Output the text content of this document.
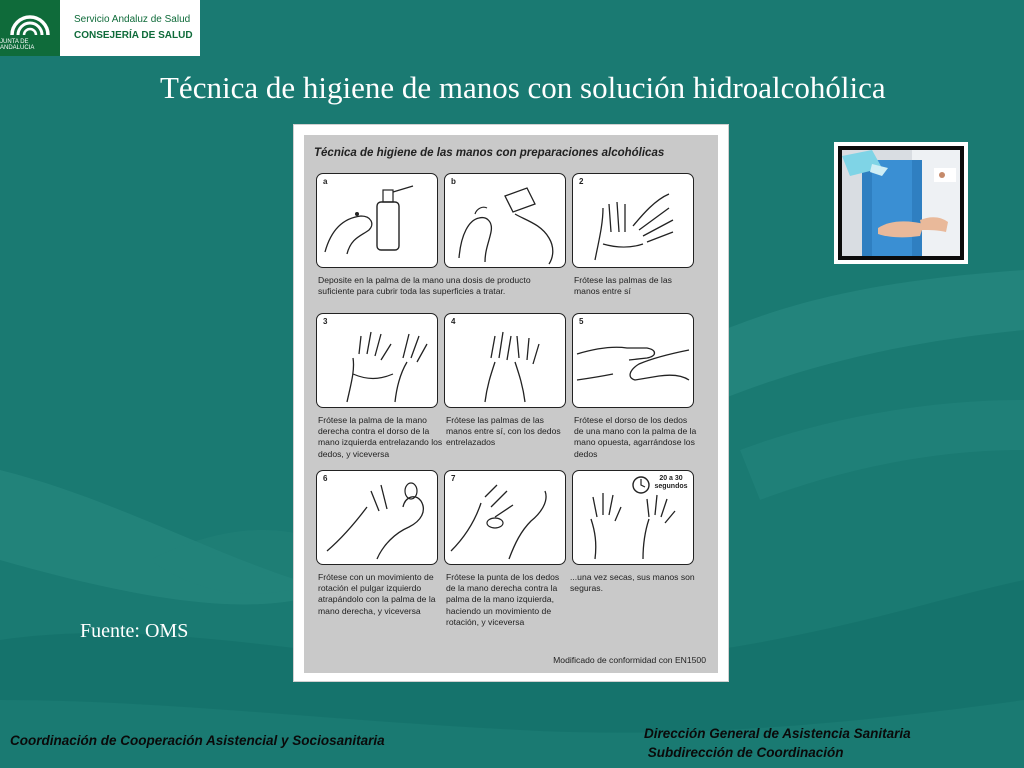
JUNTA DE ANDALUCIA
Servicio Andaluz de Salud
CONSEJERÍA DE SALUD
Técnica de higiene de manos con solución hidroalcohólica
Técnica de higiene de las manos con preparaciones alcohólicas
a	b	2
Deposite en la palma de la mano una dosis de producto suficiente para cubrir toda las superficies a tratar.
Frótese las palmas de las manos entre sí
3	4	5
Frótese la palma de la mano derecha contra el dorso de la mano izquierda entrelazando los dedos, y viceversa
Frótese las palmas de las manos entre sí, con los dedos entrelazados
Frótese el dorso de los dedos de una mano con la palma de la mano opuesta, agarrándose los dedos
6	7	20 a 30 segundos
Frótese con un movimiento de rotación el pulgar izquierdo atrapándolo con la palma de la mano derecha, y viceversa
Frótese la punta de los dedos de la mano derecha contra la palma de la mano izquierda, haciendo un movimiento de rotación, y viceversa
...una vez secas, sus manos son seguras.
Modificado de conformidad con EN1500
Fuente: OMS
Coordinación de Cooperación Asistencial y Sociosanitaria	Dirección General de Asistencia Sanitaria
Subdirección de Coordinación
